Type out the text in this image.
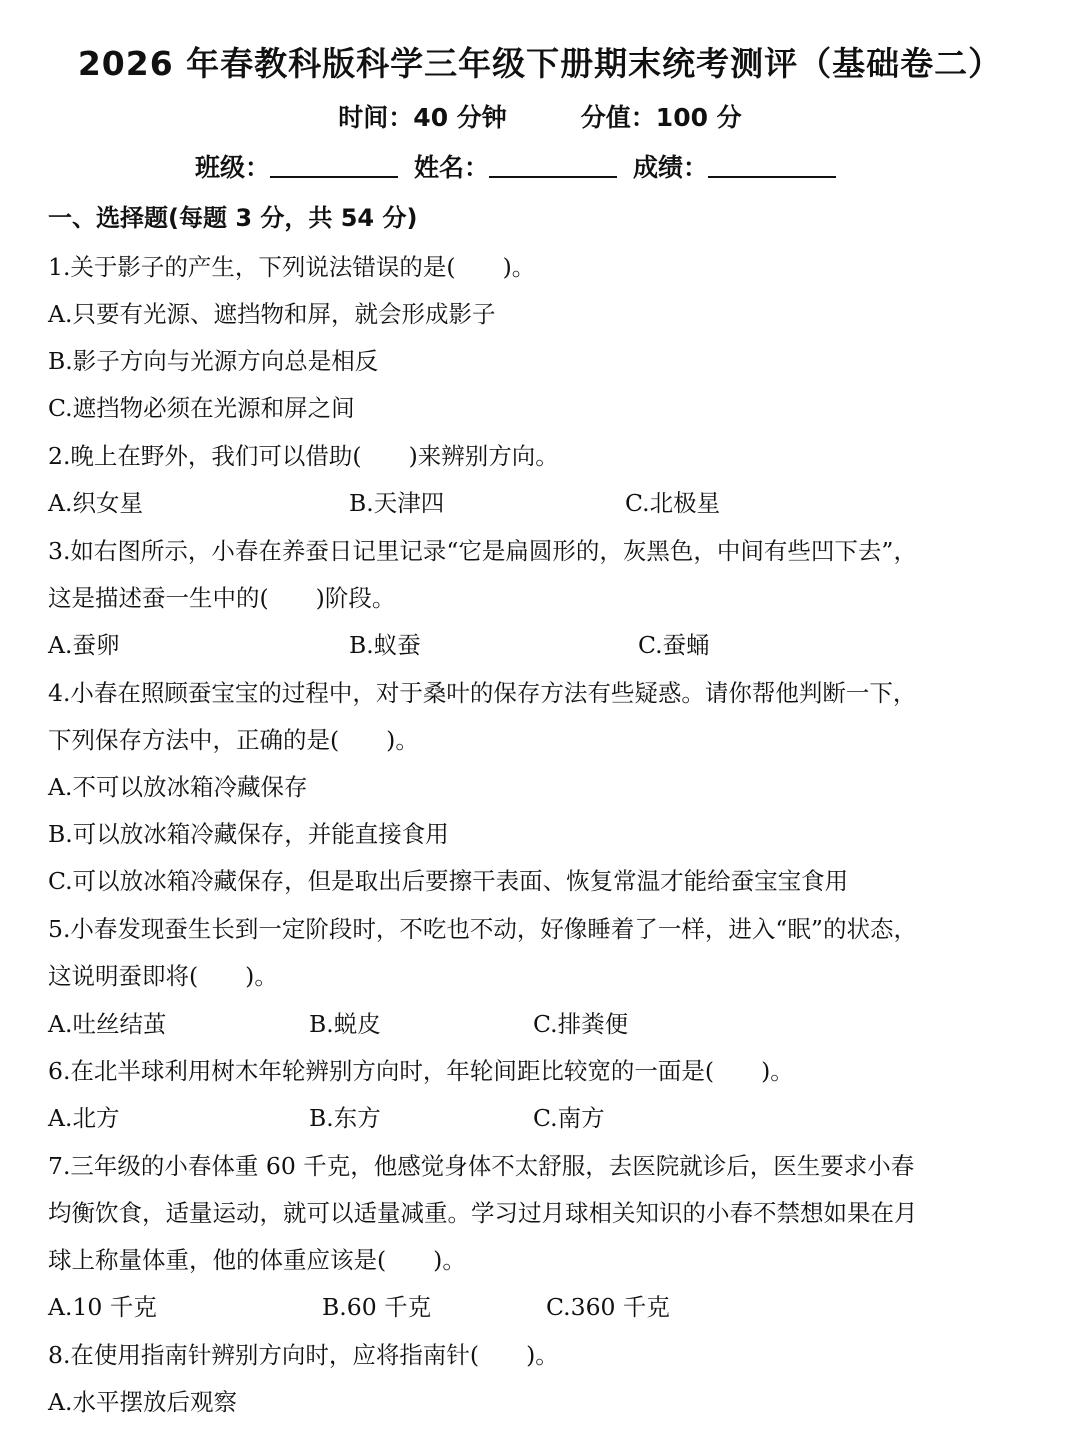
2026 年春教科版科学三年级下册期末统考测评（基础卷二）
时间：40 分钟	分值：100 分
班级：	姓名：	成绩：
一、选择题(每题 3 分，共 54 分)
1.关于影子的产生，下列说法错误的是(　　)。
A.只要有光源、遮挡物和屏，就会形成影子
B.影子方向与光源方向总是相反
C.遮挡物必须在光源和屏之间
2.晚上在野外，我们可以借助(　　)来辨别方向。
A.织女星	B.天津四	C.北极星
3.如右图所示，小春在养蚕日记里记录“它是扁圆形的，灰黑色，中间有些凹下去”，
这是描述蚕一生中的(　　)阶段。
A.蚕卵	B.蚁蚕	C.蚕蛹
4.小春在照顾蚕宝宝的过程中，对于桑叶的保存方法有些疑惑。请你帮他判断一下，
下列保存方法中，正确的是(　　)。
A.不可以放冰箱冷藏保存
B.可以放冰箱冷藏保存，并能直接食用
C.可以放冰箱冷藏保存，但是取出后要擦干表面、恢复常温才能给蚕宝宝食用
5.小春发现蚕生长到一定阶段时，不吃也不动，好像睡着了一样，进入“眠”的状态，
这说明蚕即将(　　)。
A.吐丝结茧	B.蜕皮	C.排粪便
6.在北半球利用树木年轮辨别方向时，年轮间距比较宽的一面是(　　)。
A.北方	B.东方	C.南方
7.三年级的小春体重 60 千克，他感觉身体不太舒服，去医院就诊后，医生要求小春
均衡饮食，适量运动，就可以适量减重。学习过月球相关知识的小春不禁想如果在月
球上称量体重，他的体重应该是(　　)。
A.10 千克	B.60 千克	C.360 千克
8.在使用指南针辨别方向时，应将指南针(　　)。
A.水平摆放后观察
